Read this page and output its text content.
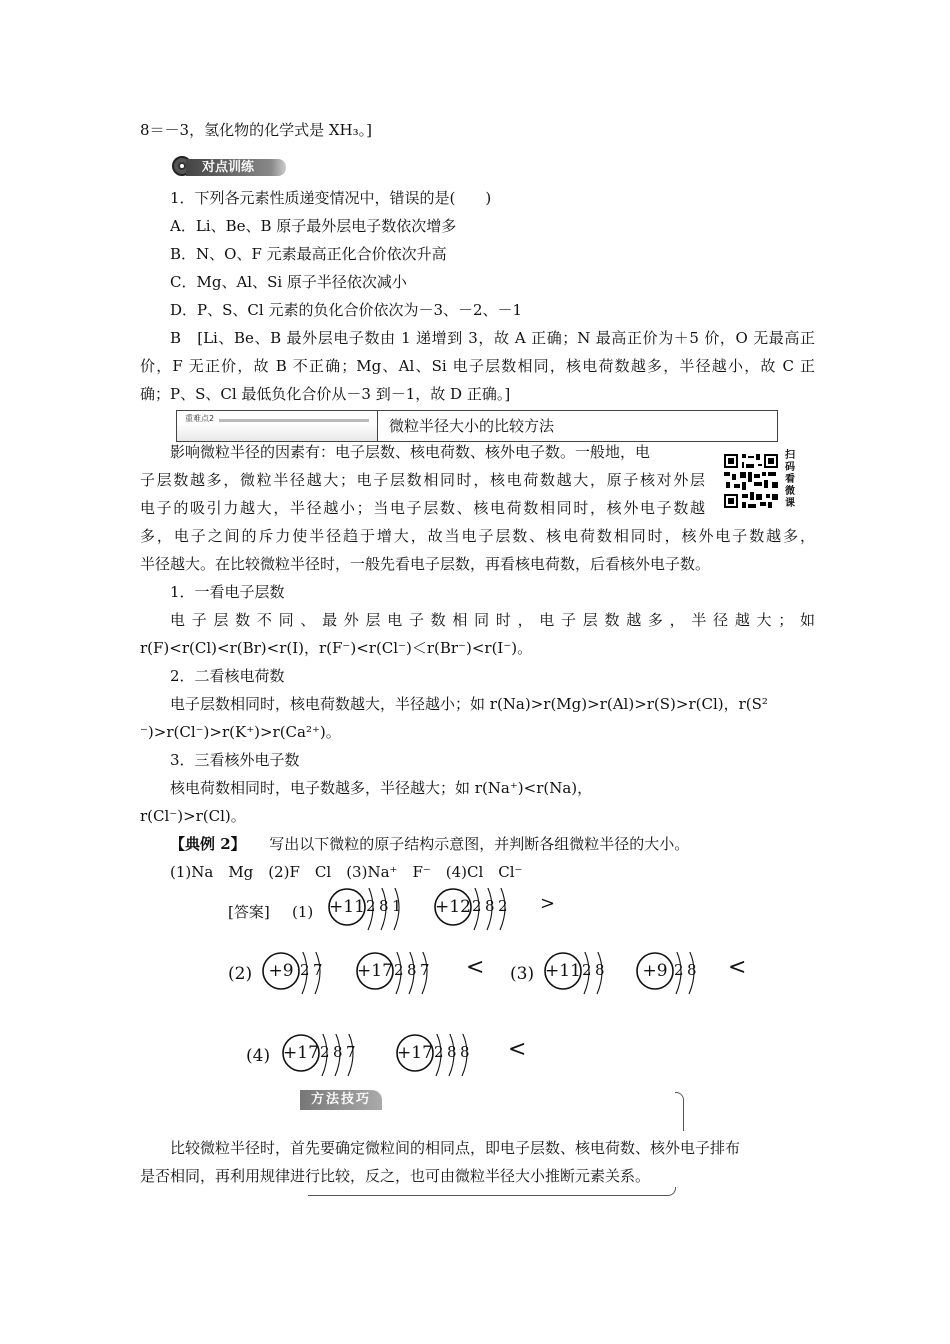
8＝－3，氢化物的化学式是 XH₃。]
对点训练
1．下列各元素性质递变情况中，错误的是(　　)
A．Li、Be、B 原子最外层电子数依次增多
B．N、O、F 元素最高正化合价依次升高
C．Mg、Al、Si 原子半径依次减小
D．P、S、Cl 元素的负化合价依次为－3、－2、－1
B　[Li、Be、B 最外层电子数由 1 递增到 3，故 A 正确；N 最高正价为＋5 价，O 无最高正
价，F 无正价，故 B 不正确；Mg、Al、Si 电子层数相同，核电荷数越多，半径越小，故 C 正
确；P、S、Cl 最低负化合价从－3 到－1，故 D 正确。]
重难点2	微粒半径大小的比较方法
扫码看微课
影响微粒半径的因素有：电子层数、核电荷数、核外电子数。一般地，电
子层数越多，微粒半径越大；电子层数相同时，核电荷数越大，原子核对外层
电子的吸引力越大，半径越小；当电子层数、核电荷数相同时，核外电子数越
多，电子之间的斥力使半径趋于增大，故当电子层数、核电荷数相同时，核外电子数越多，
半径越大。在比较微粒半径时，一般先看电子层数，再看核电荷数，后看核外电子数。
1．一看电子层数
电子层数不同、最外层电子数相同时，电子层数越多，半径越大；如
r(F)<r(Cl)<r(Br)<r(I)，r(F⁻)<r(Cl⁻)＜r(Br⁻)<r(I⁻)。
2．二看核电荷数
电子层数相同时，核电荷数越大，半径越小；如 r(Na)>r(Mg)>r(Al)>r(S)>r(Cl)，r(S²
⁻)>r(Cl⁻)>r(K⁺)>r(Ca²⁺)。
3．三看核外电子数
核电荷数相同时，电子数越多，半径越大；如 r(Na⁺)<r(Na)，
r(Cl⁻)>r(Cl)。
【典例 2】 写出以下微粒的原子结构示意图，并判断各组微粒半径的大小。
(1)Na　Mg　(2)F　Cl　(3)Na⁺　F⁻　(4)Cl　Cl⁻
[答案] (1)
(2)	(3)
(4)
>
<	<
<
+11 2 8 1 +12 2 8 2
+9 2 7 +17 2 8 7	+11 2 8	+9 2 8
+17 2 8 7 +17 2 8 8
方法技巧
比较微粒半径时，首先要确定微粒间的相同点，即电子层数、核电荷数、核外电子排布
是否相同，再利用规律进行比较，反之，也可由微粒半径大小推断元素关系。
